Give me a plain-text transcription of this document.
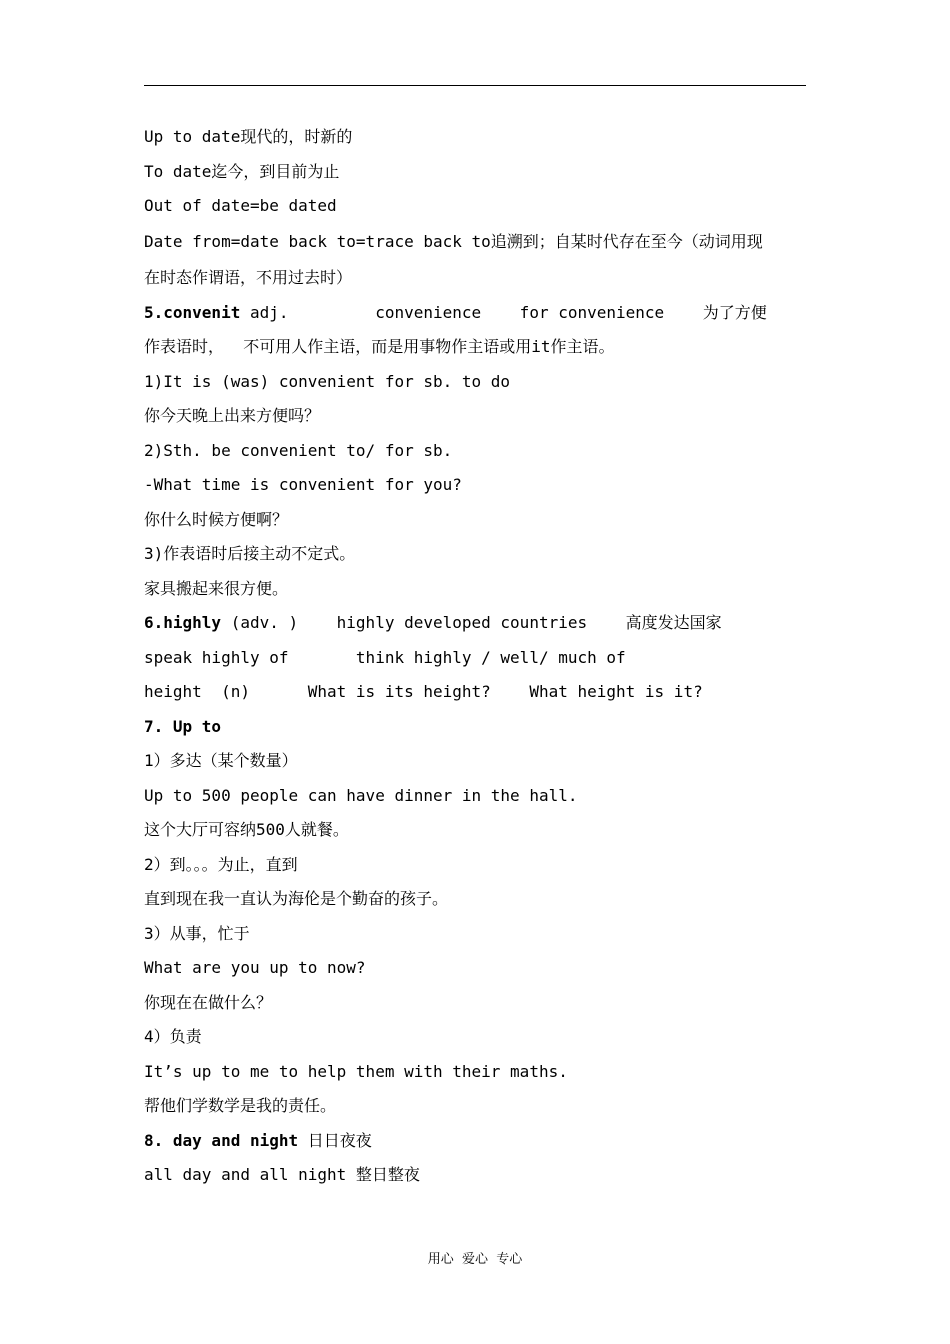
Up to date现代的，时新的
To date迄今，到目前为止
Out of date=be dated
Date from=date back to=trace back to追溯到；自某时代存在至今（动词用现
在时态作谓语，不用过去时）
5.convenit adj.         convenience    for convenience    为了方便
作表语时，  不可用人作主语，而是用事物作主语或用it作主语。
1)It is (was) convenient for sb. to do
你今天晚上出来方便吗？
2)Sth. be convenient to/ for sb.
-What time is convenient for you?
你什么时候方便啊？
3)作表语时后接主动不定式。
家具搬起来很方便。
6.highly (adv. )    highly developed countries    高度发达国家
speak highly of       think highly / well/ much of
height  (n)      What is its height?    What height is it?
7. Up to
1）多达（某个数量）
Up to 500 people can have dinner in the hall.
这个大厅可容纳500人就餐。
2）到。。。为止，直到
直到现在我一直认为海伦是个勤奋的孩子。
3）从事，忙于
What are you up to now?
你现在在做什么？
4）负责
It’s up to me to help them with their maths.
帮他们学数学是我的责任。
8. day and night 日日夜夜
all day and all night 整日整夜
用心  爱心  专心
